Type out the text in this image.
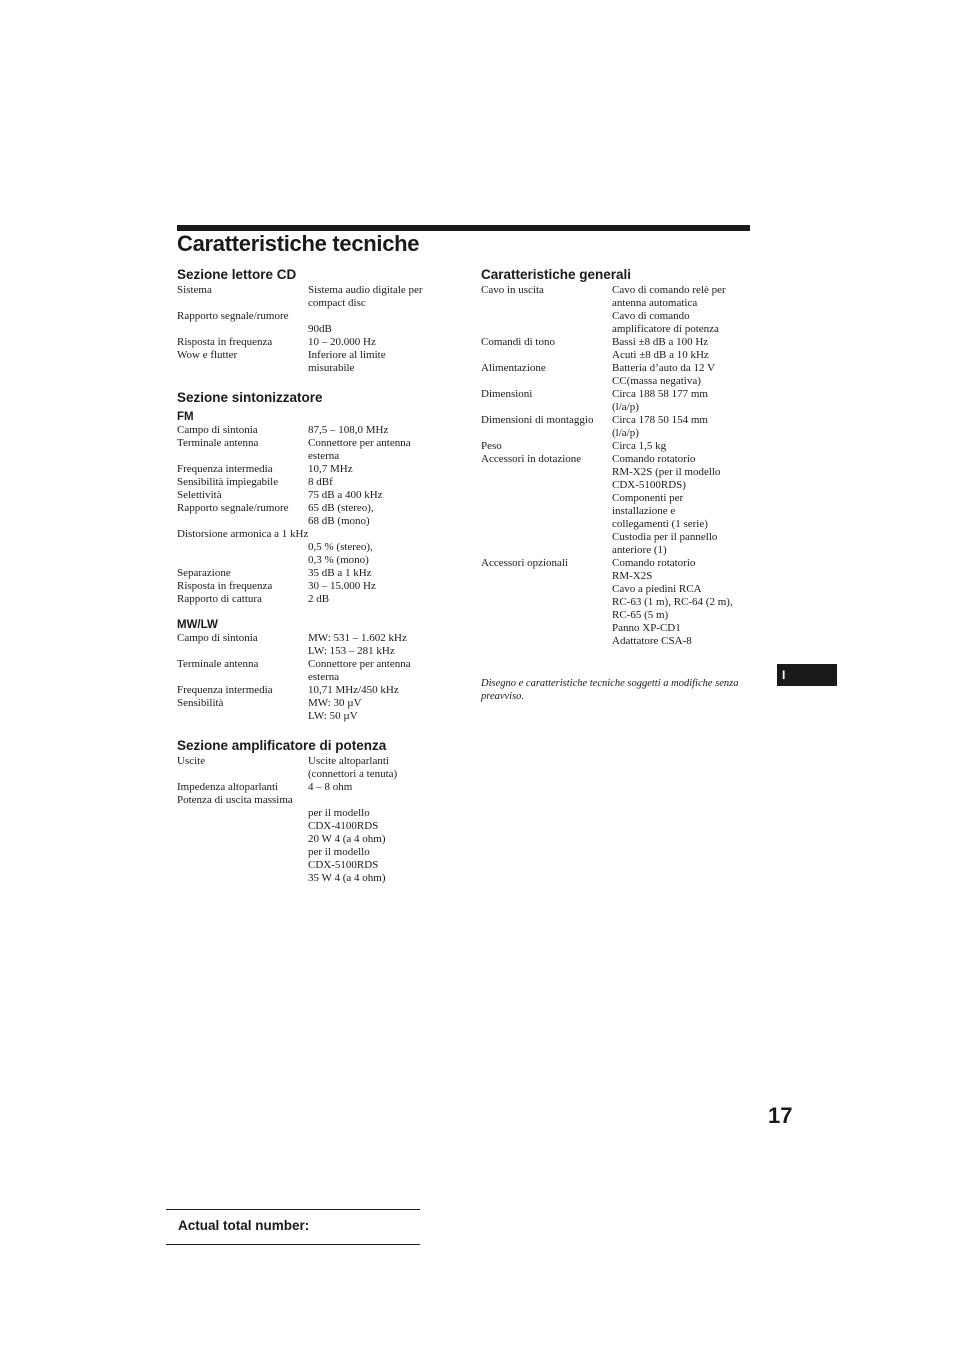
Caratteristiche tecniche
Sezione lettore CD
Sistema	Sistema audio digitale per
compact disc
Rapporto segnale/rumore

90dB
Risposta in frequenza	10 – 20.000 Hz
Wow e flutter	Inferiore al limite
misurabile
Sezione sintonizzatore
FM
Campo di sintonia	87,5 – 108,0 MHz
Terminale antenna	Connettore per antenna
esterna
Frequenza intermedia	10,7 MHz
Sensibilità impiegabile	8 dBf
Selettività	75 dB a 400 kHz
Rapporto segnale/rumore	65 dB (stereo),
68 dB (mono)
Distorsione armonica a 1 kHz

0,5 % (stereo),
0,3 % (mono)
Separazione	35 dB a 1 kHz
Risposta in frequenza	30 – 15.000 Hz
Rapporto di cattura	2 dB
MW/LW
Campo di sintonia	MW: 531 – 1.602 kHz
LW: 153 – 281 kHz
Terminale antenna	Connettore per antenna
esterna
Frequenza intermedia	10,71 MHz/450 kHz
Sensibilità	MW: 30 µV
LW: 50 µV
Sezione amplificatore di potenza
Uscite	Uscite altoparlanti
(connettori a tenuta)
Impedenza altoparlanti	4 – 8 ohm
Potenza di uscita massima

per il modello
CDX-4100RDS
20 W 4 (a 4 ohm)
per il modello
CDX-5100RDS
35 W 4 (a 4 ohm)
Caratteristiche generali
Cavo in uscita	Cavo di comando relè per
antenna automatica
Cavo di comando
amplificatore di potenza
Comandi di tono	Bassi ±8 dB a 100 Hz
Acuti ±8 dB a 10 kHz
Alimentazione	Batteria d’auto da 12 V
CC(massa negativa)
Dimensioni	Circa 188 58 177 mm
(l/a/p)
Dimensioni di montaggio	Circa 178 50 154 mm
(l/a/p)
Peso	Circa 1,5 kg
Accessori in dotazione	Comando rotatorio
RM-X2S (per il modello
CDX-5100RDS)
Componenti per
installazione e
collegamenti (1 serie)
Custodia per il pannello
anteriore (1)
Accessori opzionali	Comando rotatorio
RM-X2S
Cavo a piedini RCA
RC-63 (1 m), RC-64 (2 m),
RC-65 (5 m)
Panno XP-CD1
Adattatore CSA-8
Disegno e caratteristiche tecniche soggetti a modifiche senza preavviso.
I
17
Actual total number:
